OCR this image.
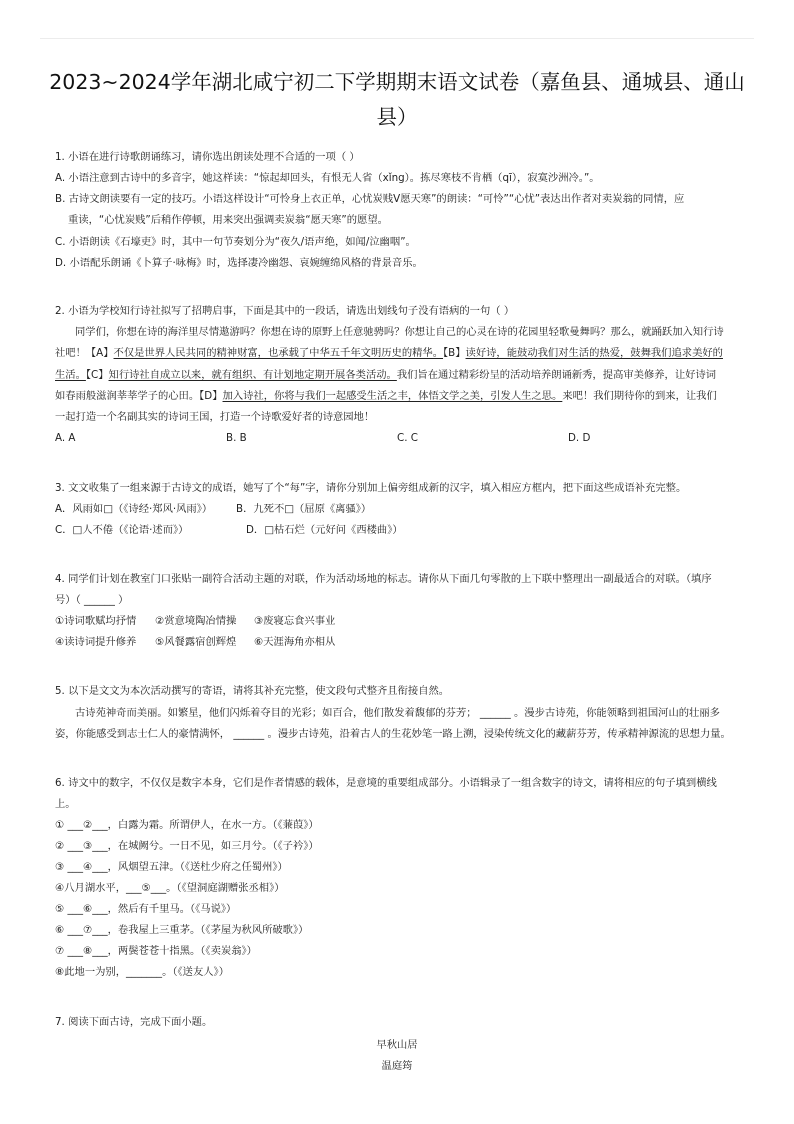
2023~2024学年湖北咸宁初二下学期期末语文试卷（嘉鱼县、通城县、通山
县）
1. 小语在进行诗歌朗诵练习，请你选出朗读处理不合适的一项（ ）
A. 小语注意到古诗中的多音字，她这样读：“惊起却回头，有恨无人省（xǐng）。拣尽寒枝不肯栖（qī），寂寞沙洲冷。”。
B. 古诗文朗读要有一定的技巧。小语这样设计“可怜身上衣正单，心忧炭贱V愿天寒”的朗读：“可怜”“心忧”表达出作者对卖炭翁的同情，应
重读，“心忧炭贱”后稍作停顿，用来突出强调卖炭翁“愿天寒”的愿望。
C. 小语朗读《石壕吏》时，其中一句节奏划分为“夜久/语声绝，如闻/泣幽咽”。
D. 小语配乐朗诵《卜算子·咏梅》时，选择凄冷幽怨、哀婉缠绵风格的背景音乐。
2. 小语为学校知行诗社拟写了招聘启事，下面是其中的一段话，请选出划线句子没有语病的一句（ ）
同学们，你想在诗的海洋里尽情遨游吗？你想在诗的原野上任意驰骋吗？你想让自己的心灵在诗的花园里轻歌曼舞吗？那么，就踊跃加入知行诗
社吧！【A】不仅是世界人民共同的精神财富，也承载了中华五千年文明历史的精华。【B】读好诗，能鼓动我们对生活的热爱，鼓舞我们追求美好的
生活。【C】知行诗社自成立以来，就有组织、有计划地定期开展各类活动。我们旨在通过精彩纷呈的活动培养朗诵新秀，提高审美修养，让好诗词
如春雨般滋润莘莘学子的心田。【D】加入诗社，你将与我们一起感受生活之丰，体悟文学之美，引发人生之思。来吧！我们期待你的到来，让我们
一起打造一个名副其实的诗词王国，打造一个诗歌爱好者的诗意园地！
A. A	B. B	C. C	D. D
3. 文文收集了一组来源于古诗文的成语，她写了个“每”字，请你分别加上偏旁组成新的汉字，填入相应方框内，把下面这些成语补充完整。
A．风雨如□（《诗经·郑风·风雨》） B．九死不□（屈原《离骚》）
C．□人不倦（《论语·述而》）	D．□枯石烂（元好问《西楼曲》）
4. 同学们计划在教室门口张贴一副符合活动主题的对联，作为活动场地的标志。请你从下面几句零散的上下联中整理出一副最适合的对联。（填序
号）（ ______ ）
①诗词歌赋均抒情 ②赏意境陶冶情操 ③废寝忘食兴事业
④读诗词提升修养 ⑤风餐露宿创辉煌 ⑥天涯海角亦相从
5. 以下是文文为本次活动撰写的寄语，请将其补充完整，使文段句式整齐且衔接自然。
古诗苑神奇而美丽。如繁星，他们闪烁着夺目的光彩；如百合，他们散发着馥郁的芬芳； ______ 。漫步古诗苑，你能领略到祖国河山的壮丽多
姿，你能感受到志士仁人的豪情满怀， ______ 。漫步古诗苑，沿着古人的生花妙笔一路上溯，浸染传统文化的藏薪芬芳，传承精神源流的思想力量。
6. 诗文中的数字，不仅仅是数字本身，它们是作者情感的载体，是意境的重要组成部分。小语辑录了一组含数字的诗文，请将相应的句子填到横线
上。
① ___②___，白露为霜。所谓伊人，在水一方。（《蒹葭》）
② ___③___，在城阙兮。一日不见，如三月兮。（《子衿》）
③ ___④___，风烟望五津。（《送杜少府之任蜀州》）
④八月湖水平，___⑤___。（《望洞庭湖赠张丞相》）
⑤ ___⑥___，然后有千里马。（《马说》）
⑥ ___⑦___，卷我屋上三重茅。（《茅屋为秋风所破歌》）
⑦ ___⑧___，两鬓苍苍十指黑。（《卖炭翁》）
⑧此地一为别，_______。（《送友人》）
7. 阅读下面古诗，完成下面小题。
早秋山居
温庭筠
